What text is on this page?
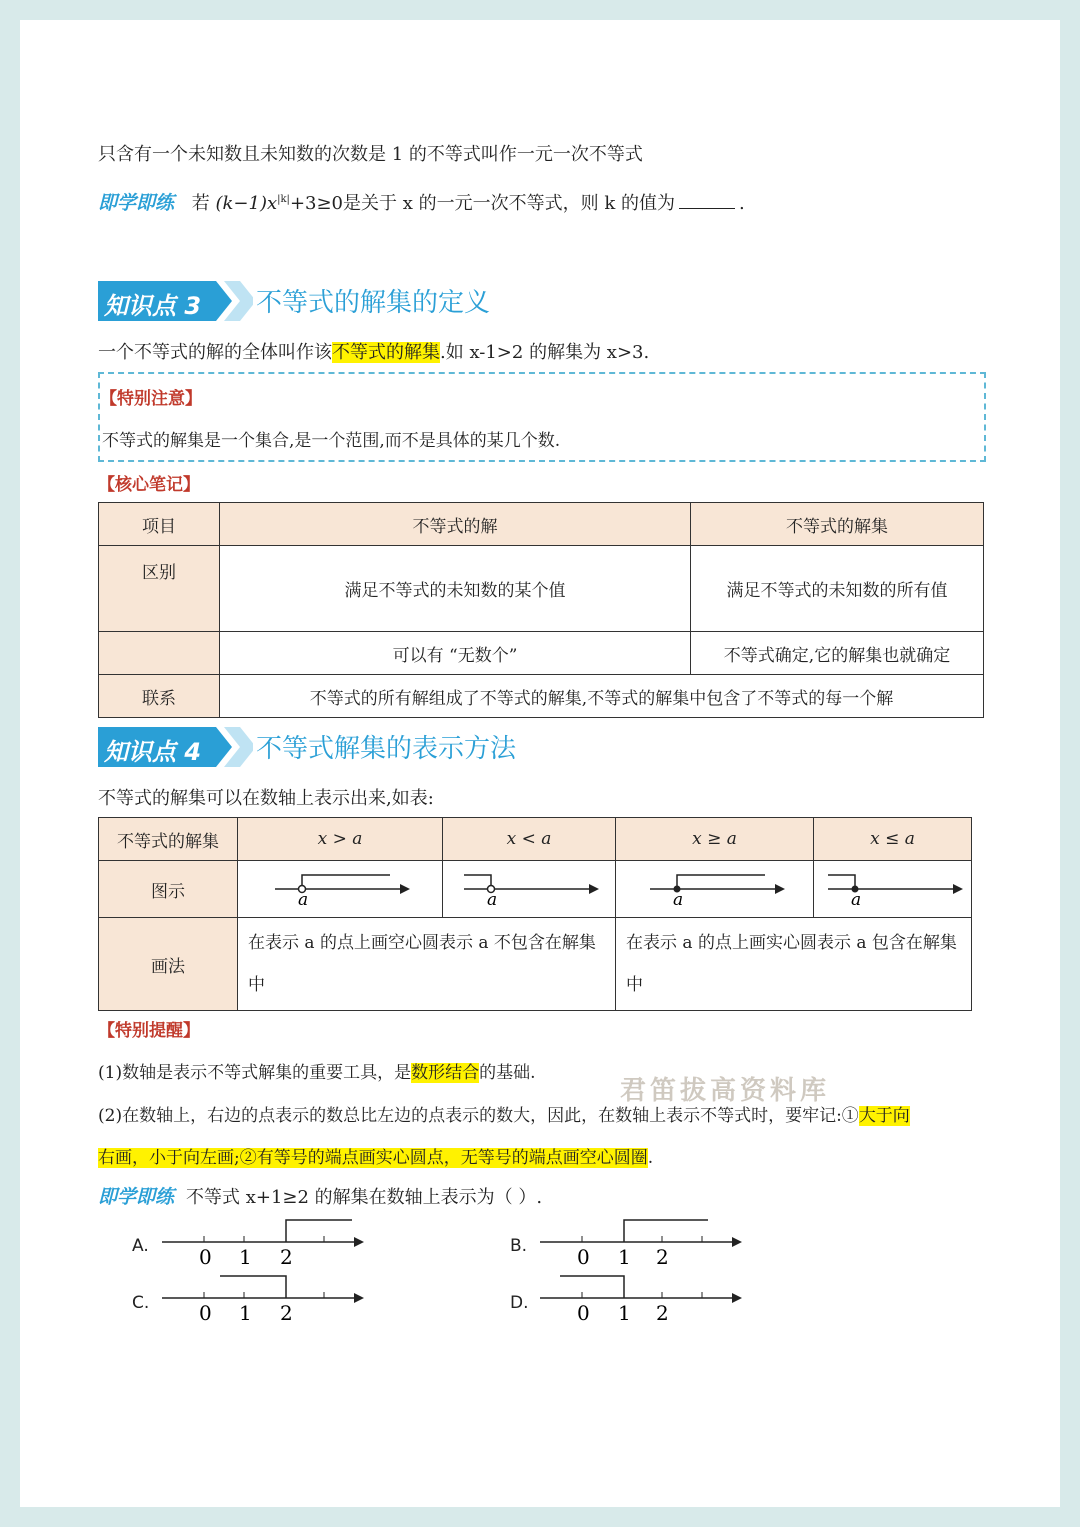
只含有一个未知数且未知数的次数是 1 的不等式叫作一元一次不等式
即学即练 若 $(k-1)x^{|k|}+3\ge 0$是关于 x 的一元一次不等式，则 k 的值为	.
知识点 3 不等式的解集的定义
一个不等式的解的全体叫作该不等式的解集.如 x-1>2 的解集为 x>3.
【特别注意】
不等式的解集是一个集合,是一个范围,而不是具体的某几个数.
【核心笔记】
项目	不等式的解	不等式的解集
区别	满足不等式的未知数的某个值	满足不等式的未知数的所有值
	可以有 “无数个”	不等式确定,它的解集也就确定
联系	不等式的所有解组成了不等式的解集,不等式的解集中包含了不等式的每一个解	
知识点 4 不等式解集的表示方法
不等式的解集可以在数轴上表示出来,如表:
不等式的解集	x > a	x < a	x ≥ a	x ≤ a
图示	a	a	a	a

画法	在表示 a 的点上画空心圆表示 a 不包含在解集中		在表示 a 的点上画实心圆表示 a 包含在解集中	
【特别提醒】
(1)数轴是表示不等式解集的重要工具，是数形结合的基础.
(2)在数轴上，右边的点表示的数总比左边的点表示的数大，因此，在数轴上表示不等式时，要牢记:①大于向
右画，小于向左画;②有等号的端点画实心圆点，无等号的端点画空心圆圈.
即学即练 不等式 x+1≥2 的解集在数轴上表示为（ ）.
A.	0 1 2	B. 0 1 2
C. 0 1 2	D. 0 1 2
君笛拔高资料库
